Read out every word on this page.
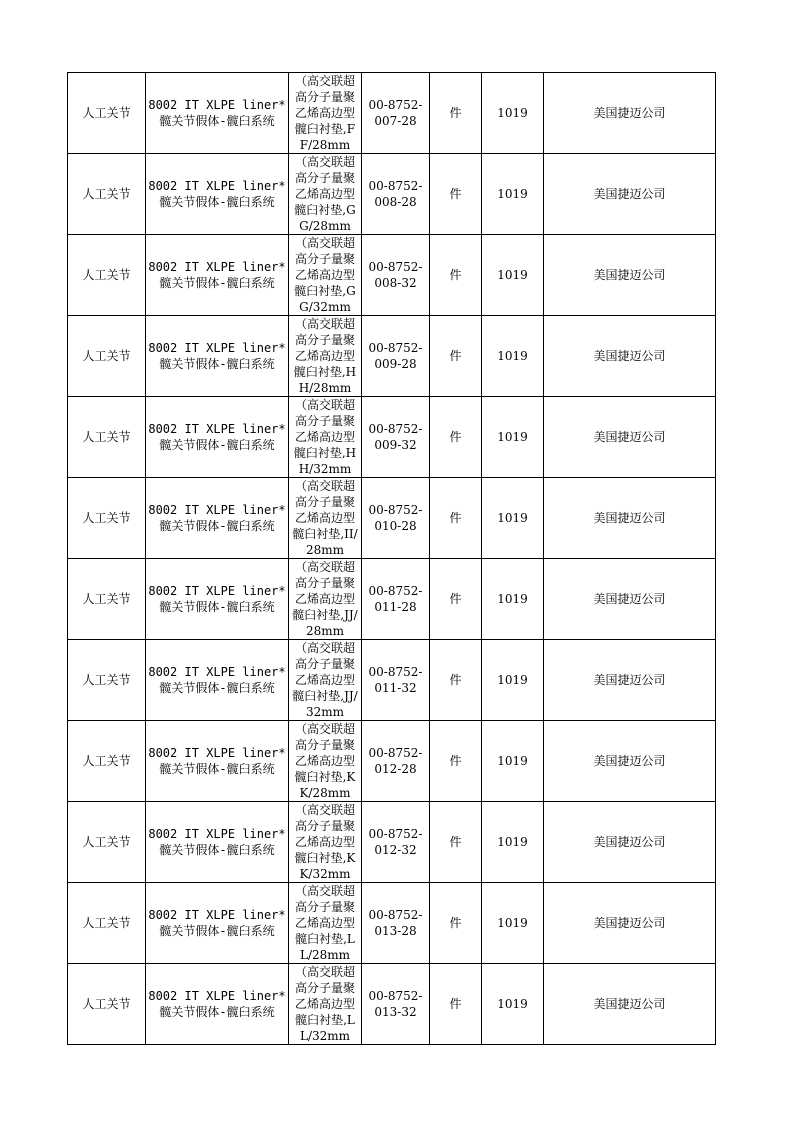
人工关节	8002 IT XLPE liner*髋关节假体-髋臼系统	（高交联超高分子量聚乙烯高边型髋臼衬垫,FF/28mm	00-8752-007-28	件	1019	美国捷迈公司
人工关节	8002 IT XLPE liner*髋关节假体-髋臼系统	（高交联超高分子量聚乙烯高边型髋臼衬垫,GG/28mm	00-8752-008-28	件	1019	美国捷迈公司
人工关节	8002 IT XLPE liner*髋关节假体-髋臼系统	（高交联超高分子量聚乙烯高边型髋臼衬垫,GG/32mm	00-8752-008-32	件	1019	美国捷迈公司
人工关节	8002 IT XLPE liner*髋关节假体-髋臼系统	（高交联超高分子量聚乙烯高边型髋臼衬垫,HH/28mm	00-8752-009-28	件	1019	美国捷迈公司
人工关节	8002 IT XLPE liner*髋关节假体-髋臼系统	（高交联超高分子量聚乙烯高边型髋臼衬垫,HH/32mm	00-8752-009-32	件	1019	美国捷迈公司
人工关节	8002 IT XLPE liner*髋关节假体-髋臼系统	（高交联超高分子量聚乙烯高边型髋臼衬垫,II/28mm	00-8752-010-28	件	1019	美国捷迈公司
人工关节	8002 IT XLPE liner*髋关节假体-髋臼系统	（高交联超高分子量聚乙烯高边型髋臼衬垫,JJ/28mm	00-8752-011-28	件	1019	美国捷迈公司
人工关节	8002 IT XLPE liner*髋关节假体-髋臼系统	（高交联超高分子量聚乙烯高边型髋臼衬垫,JJ/32mm	00-8752-011-32	件	1019	美国捷迈公司
人工关节	8002 IT XLPE liner*髋关节假体-髋臼系统	（高交联超高分子量聚乙烯高边型髋臼衬垫,KK/28mm	00-8752-012-28	件	1019	美国捷迈公司
人工关节	8002 IT XLPE liner*髋关节假体-髋臼系统	（高交联超高分子量聚乙烯高边型髋臼衬垫,KK/32mm	00-8752-012-32	件	1019	美国捷迈公司
人工关节	8002 IT XLPE liner*髋关节假体-髋臼系统	（高交联超高分子量聚乙烯高边型髋臼衬垫,LL/28mm	00-8752-013-28	件	1019	美国捷迈公司
人工关节	8002 IT XLPE liner*髋关节假体-髋臼系统	（高交联超高分子量聚乙烯高边型髋臼衬垫,LL/32mm	00-8752-013-32	件	1019	美国捷迈公司
